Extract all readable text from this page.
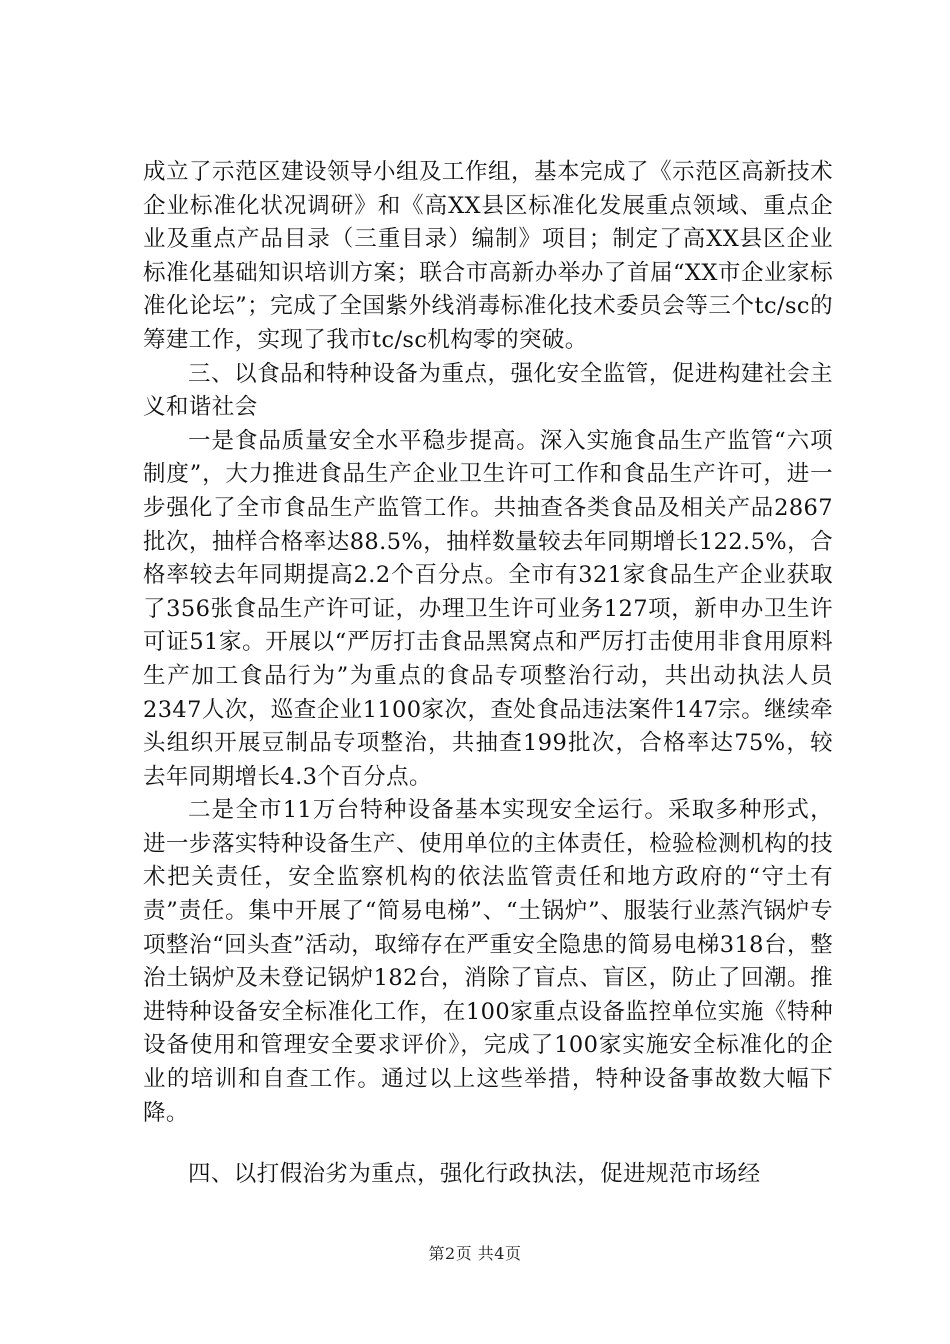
成立了示范区建设领导小组及工作组，基本完成了《示范区高新技术企业标准化状况调研》和《高XX县区标准化发展重点领域、重点企业及重点产品目录（三重目录）编制》项目；制定了高XX县区企业标准化基础知识培训方案；联合市高新办举办了首届“XX市企业家标准化论坛”；完成了全国紫外线消毒标准化技术委员会等三个tc/sc的筹建工作，实现了我市tc/sc机构零的突破。

三、以食品和特种设备为重点，强化安全监管，促进构建社会主义和谐社会

一是食品质量安全水平稳步提高。深入实施食品生产监管“六项制度”，大力推进食品生产企业卫生许可工作和食品生产许可，进一步强化了全市食品生产监管工作。共抽查各类食品及相关产品2867批次，抽样合格率达88.5%，抽样数量较去年同期增长122.5%，合格率较去年同期提高2.2个百分点。全市有321家食品生产企业获取了356张食品生产许可证，办理卫生许可业务127项，新申办卫生许可证51家。开展以“严厉打击食品黑窝点和严厉打击使用非食用原料生产加工食品行为”为重点的食品专项整治行动，共出动执法人员2347人次，巡查企业1100家次，查处食品违法案件147宗。继续牵头组织开展豆制品专项整治，共抽查199批次，合格率达75%，较去年同期增长4.3个百分点。

二是全市11万台特种设备基本实现安全运行。采取多种形式，进一步落实特种设备生产、使用单位的主体责任，检验检测机构的技术把关责任，安全监察机构的依法监管责任和地方政府的“守土有责”责任。集中开展了“简易电梯”、“土锅炉”、服装行业蒸汽锅炉专项整治“回头查”活动，取缔存在严重安全隐患的简易电梯318台，整治土锅炉及未登记锅炉182台，消除了盲点、盲区，防止了回潮。推进特种设备安全标准化工作，在100家重点设备监控单位实施《特种设备使用和管理安全要求评价》，完成了100家实施安全标准化的企业的培训和自查工作。通过以上这些举措，特种设备事故数大幅下降。

四、以打假治劣为重点，强化行政执法，促进规范市场经

第2页 共4页
